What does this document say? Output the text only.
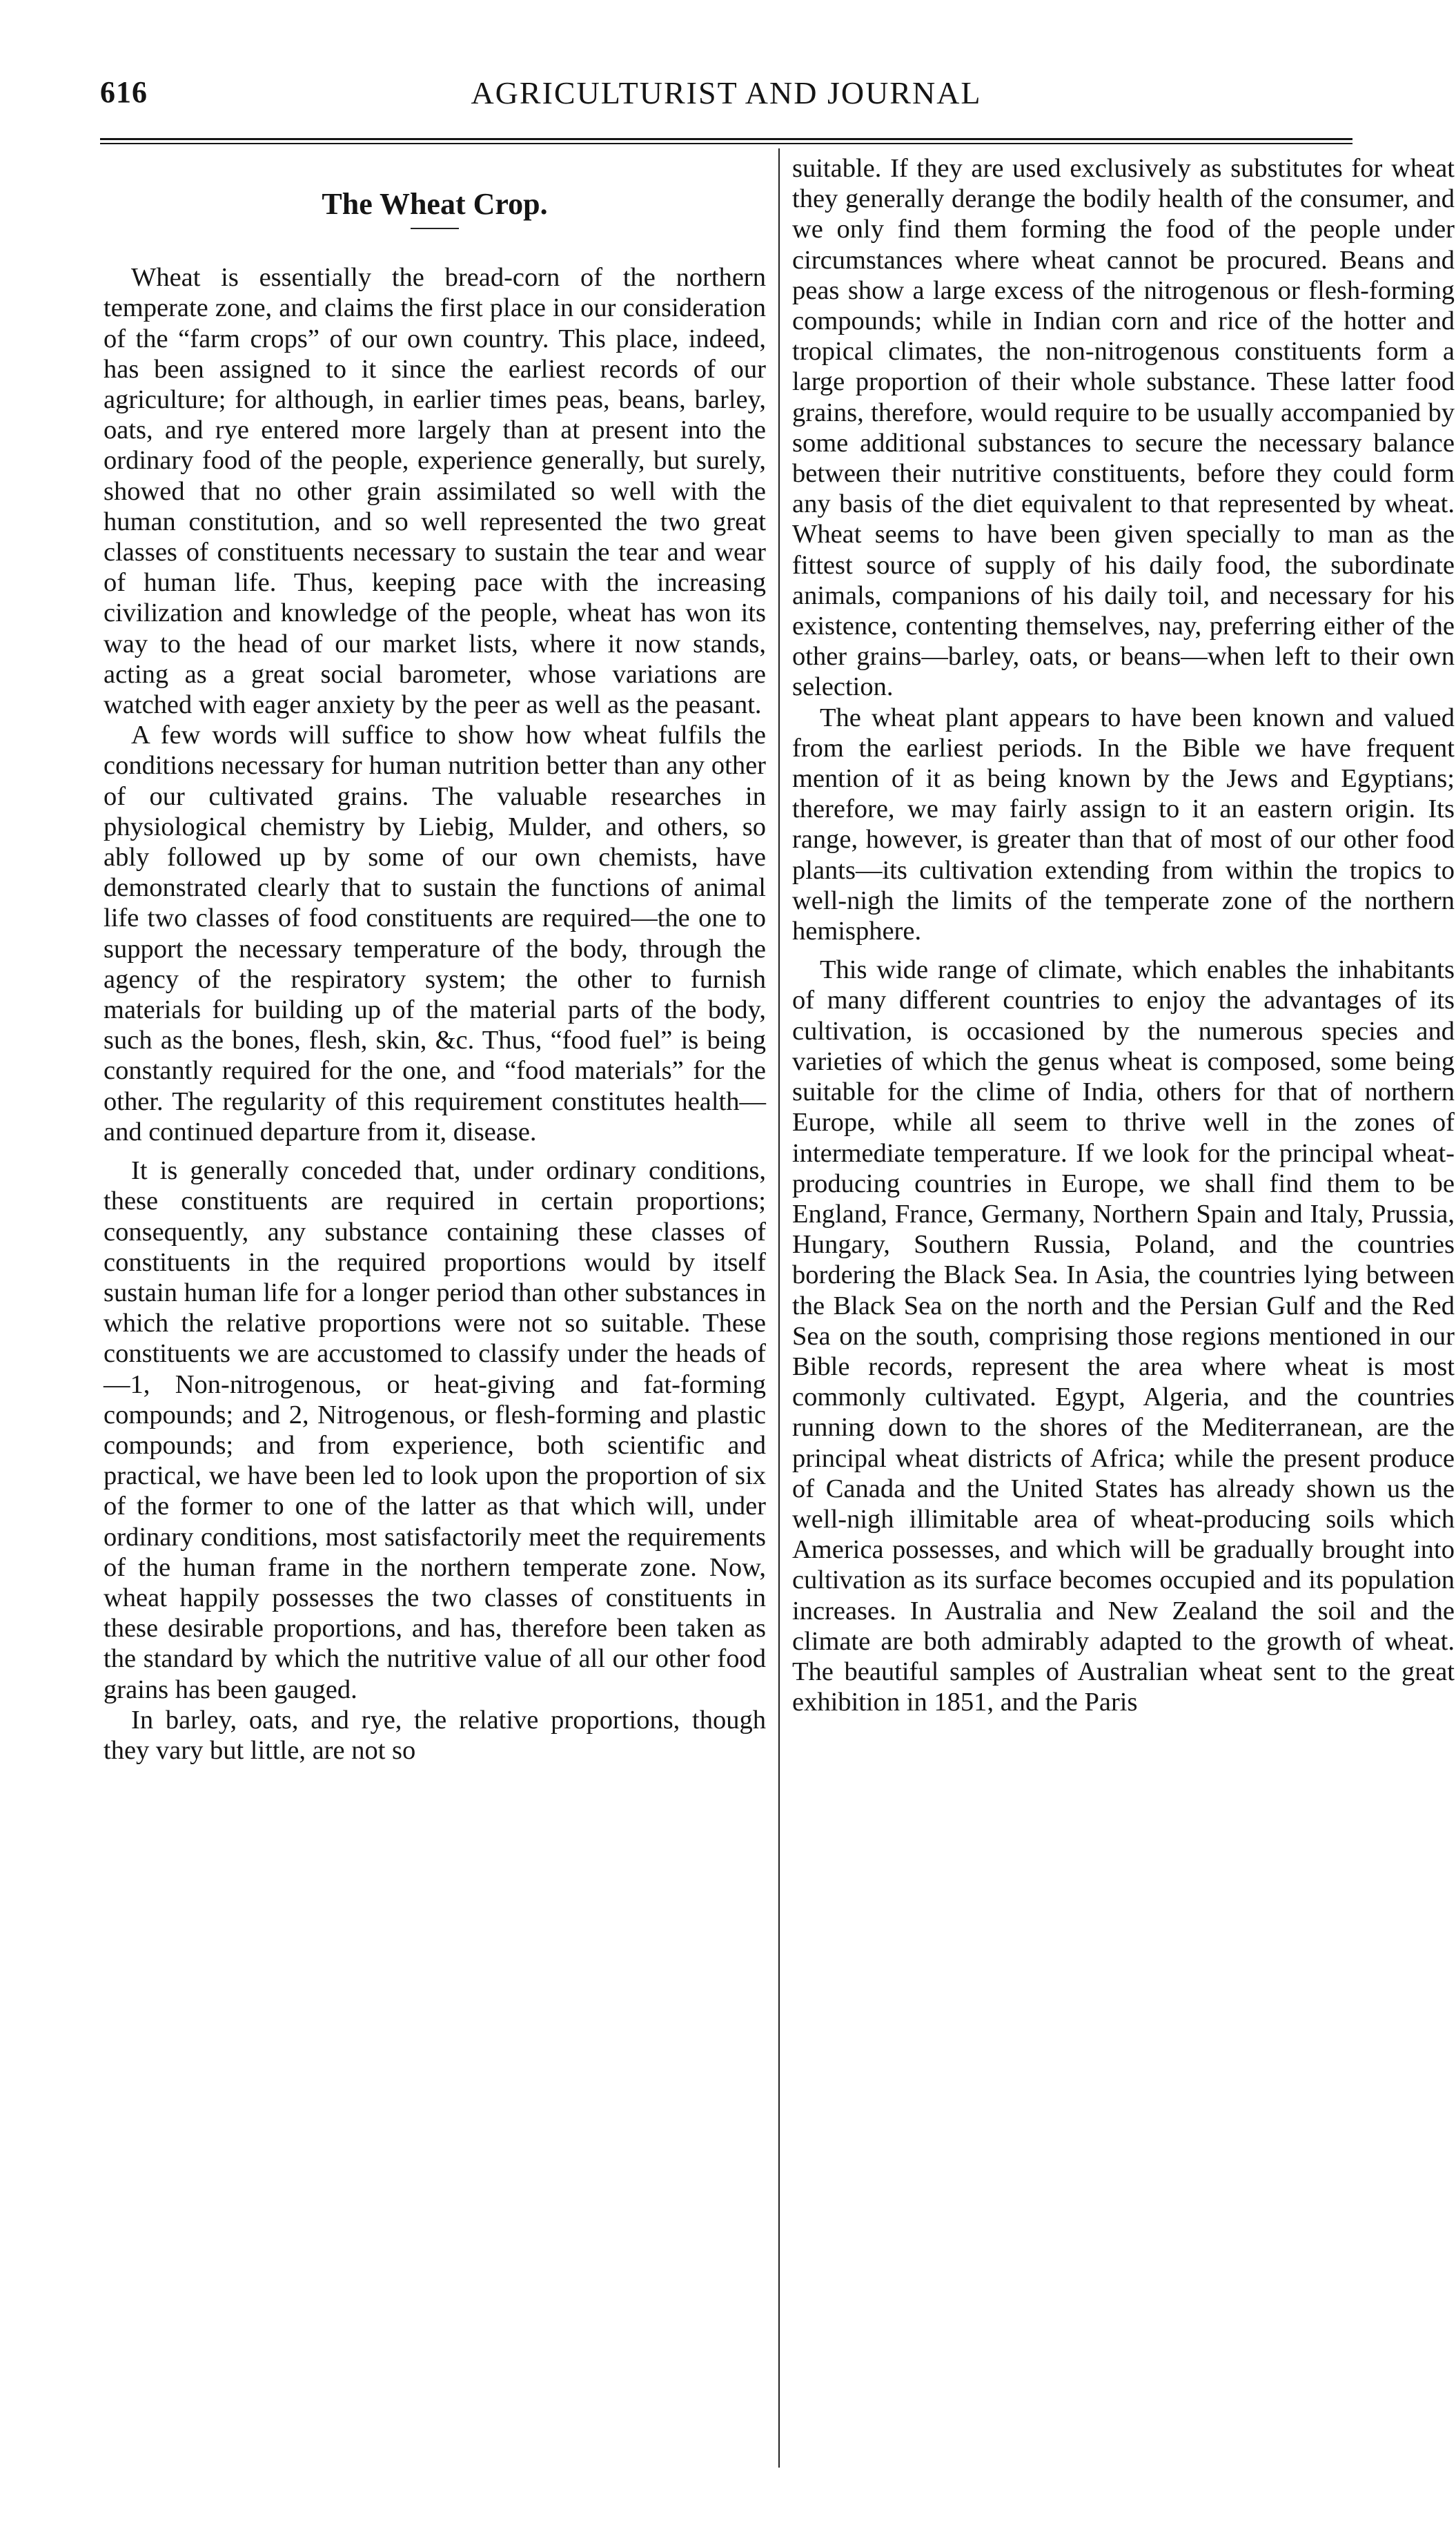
616	AGRICULTURIST AND JOURNAL
The Wheat Crop.

Wheat is essentially the bread-corn of the northern temperate zone, and claims the first place in our consideration of the “farm crops” of our own country. This place, indeed, has been assigned to it since the earliest records of our agriculture; for although, in earlier times peas, beans, barley, oats, and rye entered more largely than at present into the ordinary food of the people, experience generally, but surely, showed that no other grain assimilated so well with the human constitution, and so well represented the two great classes of constituents necessary to sustain the tear and wear of human life. Thus, keeping pace with the increasing civilization and knowledge of the people, wheat has won its way to the head of our market lists, where it now stands, acting as a great social barometer, whose variations are watched with eager anxiety by the peer as well as the peasant.

A few words will suffice to show how wheat fulfils the conditions necessary for human nutrition better than any other of our cultivated grains. The valuable researches in physiological chemistry by Liebig, Mulder, and others, so ably followed up by some of our own chemists, have demonstrated clearly that to sustain the functions of animal life two classes of food constituents are required—the one to support the necessary temperature of the body, through the agency of the respiratory system; the other to furnish materials for building up of the material parts of the body, such as the bones, flesh, skin, &c. Thus, “food fuel” is being constantly required for the one, and “food materials” for the other. The regularity of this requirement constitutes health—and continued departure from it, disease.

It is generally conceded that, under ordinary conditions, these constituents are required in certain proportions; consequently, any substance containing these classes of constituents in the required proportions would by itself sustain human life for a longer period than other substances in which the relative proportions were not so suitable. These constituents we are accustomed to classify under the heads of—1, Non-nitrogenous, or heat-giving and fat-forming compounds; and 2, Nitrogenous, or flesh-forming and plastic compounds; and from experience, both scientific and practical, we have been led to look upon the proportion of six of the former to one of the latter as that which will, under ordinary conditions, most satisfactorily meet the requirements of the human frame in the northern temperate zone. Now, wheat happily possesses the two classes of constituents in these desirable proportions, and has, therefore been taken as the standard by which the nutritive value of all our other food grains has been gauged.

In barley, oats, and rye, the relative proportions, though they vary but little, are not so

suitable. If they are used exclusively as substitutes for wheat they generally derange the bodily health of the consumer, and we only find them forming the food of the people under circumstances where wheat cannot be procured. Beans and peas show a large excess of the nitrogenous or flesh-forming compounds; while in Indian corn and rice of the hotter and tropical climates, the non-nitrogenous constituents form a large proportion of their whole substance. These latter food grains, therefore, would require to be usually accompanied by some additional substances to secure the necessary balance between their nutritive constituents, before they could form any basis of the diet equivalent to that represented by wheat. Wheat seems to have been given specially to man as the fittest source of supply of his daily food, the subordinate animals, companions of his daily toil, and necessary for his existence, contenting themselves, nay, preferring either of the other grains—barley, oats, or beans—when left to their own selection.

The wheat plant appears to have been known and valued from the earliest periods. In the Bible we have frequent mention of it as being known by the Jews and Egyptians; therefore, we may fairly assign to it an eastern origin. Its range, however, is greater than that of most of our other food plants—its cultivation extending from within the tropics to well-nigh the limits of the temperate zone of the northern hemisphere.

This wide range of climate, which enables the inhabitants of many different countries to enjoy the advantages of its cultivation, is occasioned by the numerous species and varieties of which the genus wheat is composed, some being suitable for the clime of India, others for that of northern Europe, while all seem to thrive well in the zones of intermediate temperature. If we look for the principal wheat-producing countries in Europe, we shall find them to be England, France, Germany, Northern Spain and Italy, Prussia, Hungary, Southern Russia, Poland, and the countries bordering the Black Sea. In Asia, the countries lying between the Black Sea on the north and the Persian Gulf and the Red Sea on the south, comprising those regions mentioned in our Bible records, represent the area where wheat is most commonly cultivated. Egypt, Algeria, and the countries running down to the shores of the Mediterranean, are the principal wheat districts of Africa; while the present produce of Canada and the United States has already shown us the well-nigh illimitable area of wheat-producing soils which America possesses, and which will be gradually brought into cultivation as its surface becomes occupied and its population increases. In Australia and New Zealand the soil and the climate are both admirably adapted to the growth of wheat. The beautiful samples of Australian wheat sent to the great exhibition in 1851, and the Paris
